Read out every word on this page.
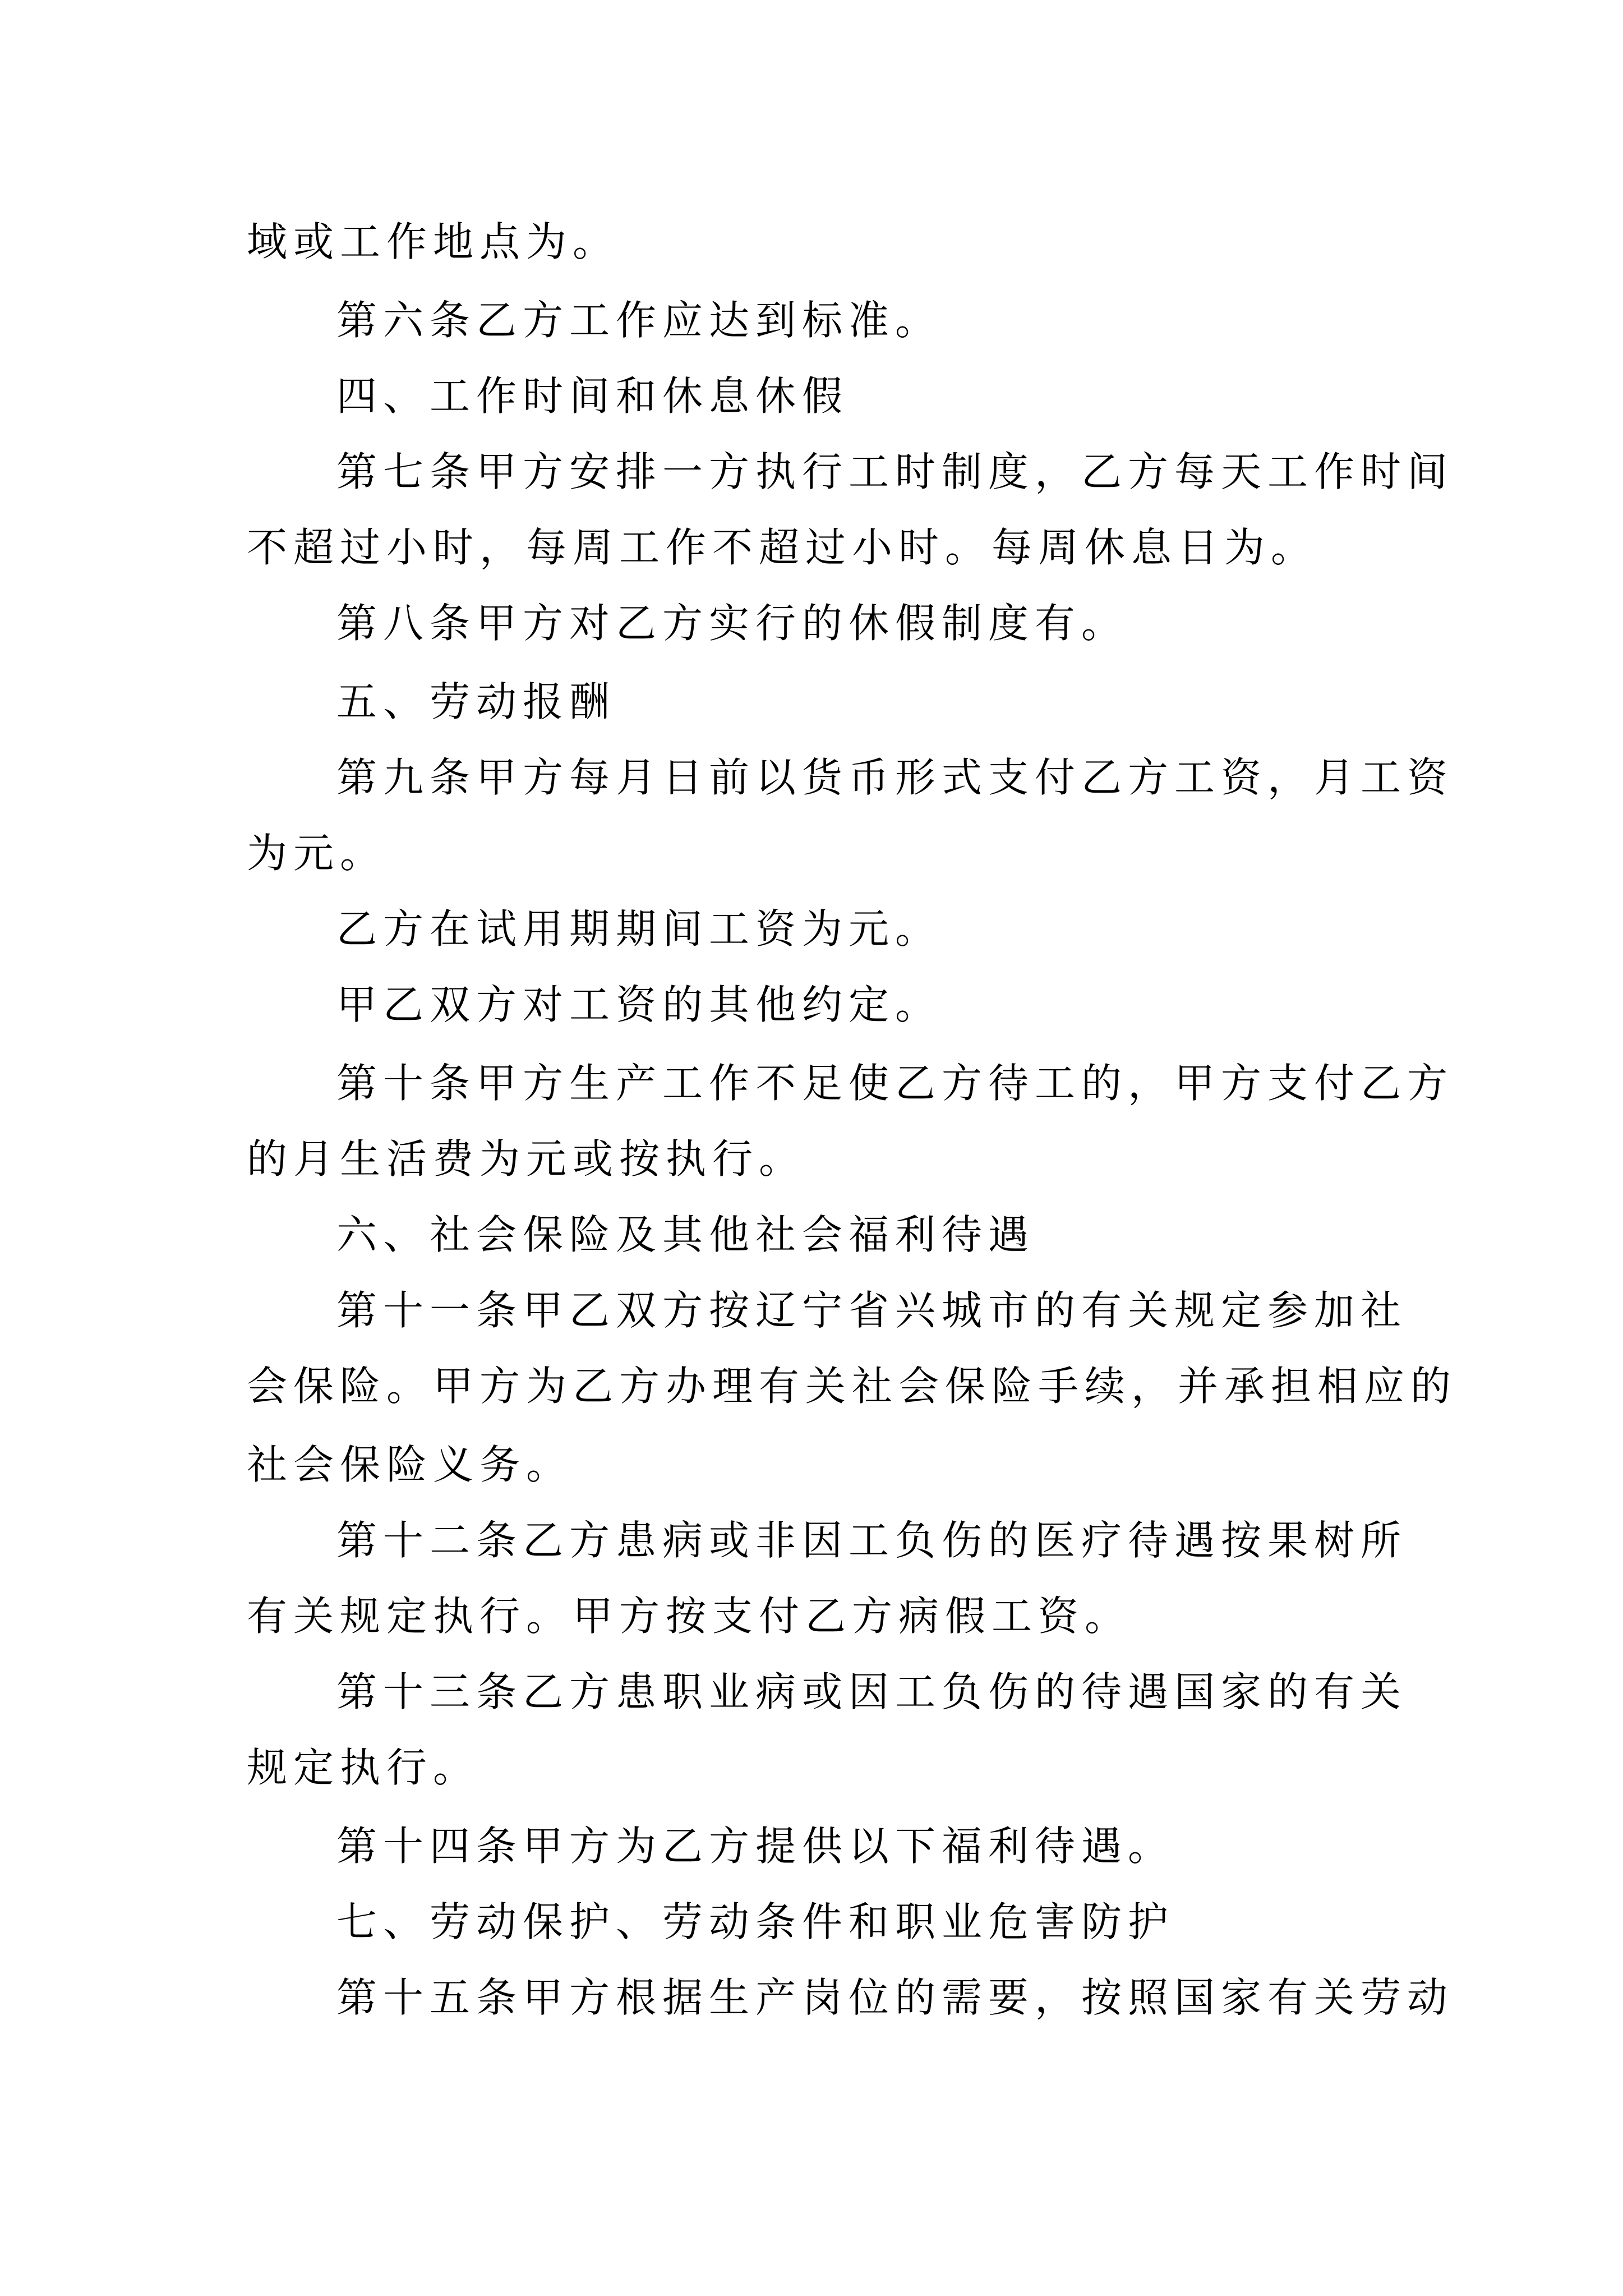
域或工作地点为。
第六条乙方工作应达到标准。
四、工作时间和休息休假
第七条甲方安排一方执行工时制度，乙方每天工作时间
不超过小时，每周工作不超过小时。每周休息日为。
第八条甲方对乙方实行的休假制度有。
五、劳动报酬
第九条甲方每月日前以货币形式支付乙方工资，月工资
为元。
乙方在试用期期间工资为元。
甲乙双方对工资的其他约定。
第十条甲方生产工作不足使乙方待工的，甲方支付乙方
的月生活费为元或按执行。
六、社会保险及其他社会福利待遇
第十一条甲乙双方按辽宁省兴城市的有关规定参加社
会保险。甲方为乙方办理有关社会保险手续，并承担相应的
社会保险义务。
第十二条乙方患病或非因工负伤的医疗待遇按果树所
有关规定执行。甲方按支付乙方病假工资。
第十三条乙方患职业病或因工负伤的待遇国家的有关
规定执行。
第十四条甲方为乙方提供以下福利待遇。
七、劳动保护、劳动条件和职业危害防护
第十五条甲方根据生产岗位的需要，按照国家有关劳动
